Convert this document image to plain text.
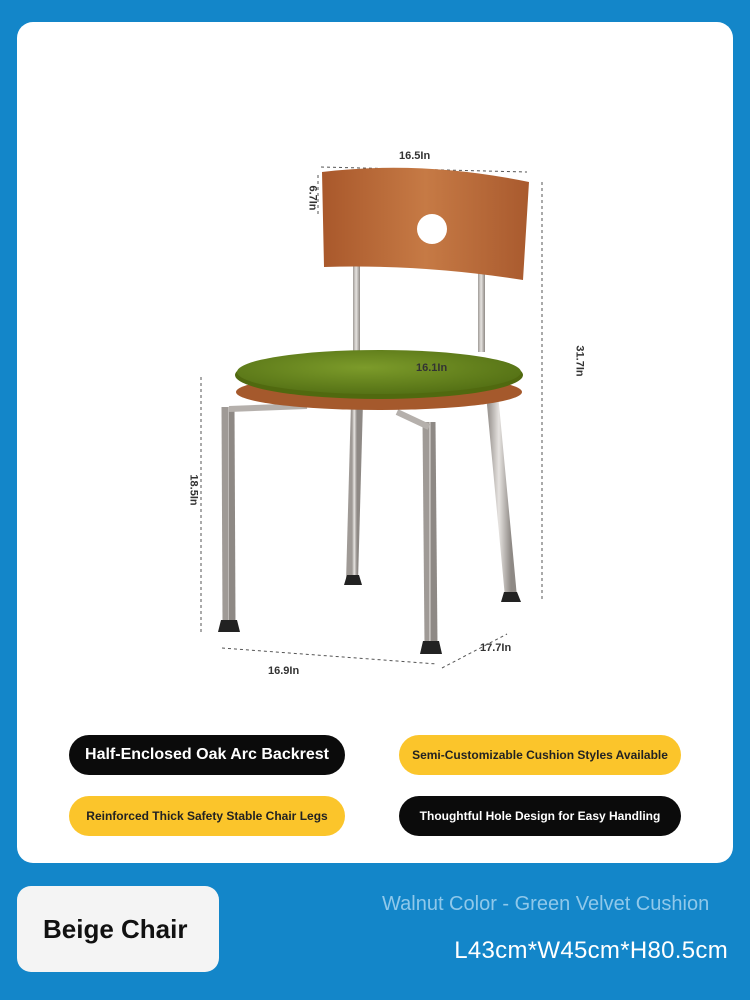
16.5In
6.7In
31.7In
16.1In
18.5In
16.9In
17.7In
Half-Enclosed Oak Arc Backrest	Semi-Customizable Cushion Styles Available
Reinforced Thick Safety Stable Chair Legs	Thoughtful Hole Design for Easy Handling
Beige Chair
Walnut Color - Green Velvet Cushion
L43cm*W45cm*H80.5cm
